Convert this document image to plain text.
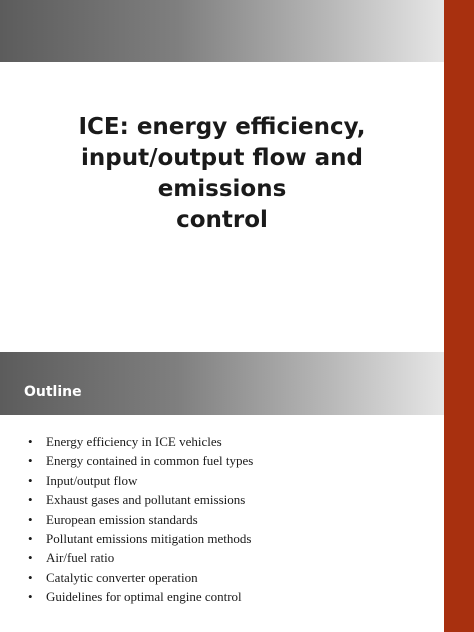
ICE: energy efficiency,
input/output flow and emissions
control
Outline
• Energy efficiency in ICE vehicles
• Energy contained in common fuel types
• Input/output flow
• Exhaust gases and pollutant emissions
• European emission standards
• Pollutant emissions mitigation methods
• Air/fuel ratio
• Catalytic converter operation
• Guidelines for optimal engine control
